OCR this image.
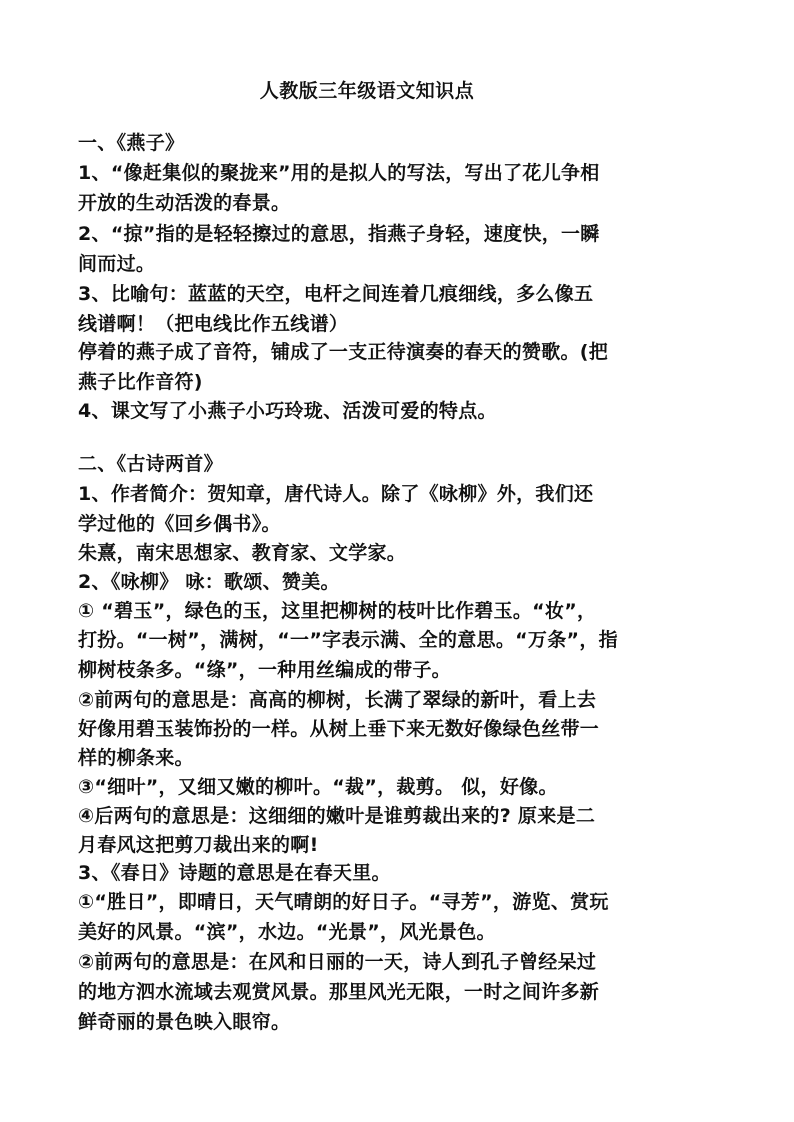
人教版三年级语文知识点
一、《燕子》
1、“像赶集似的聚拢来”用的是拟人的写法，写出了花儿争相
开放的生动活泼的春景。
2、“掠”指的是轻轻擦过的意思，指燕子身轻，速度快，一瞬
间而过。
3、比喻句：蓝蓝的天空，电杆之间连着几痕细线，多么像五
线谱啊！（把电线比作五线谱）
停着的燕子成了音符，铺成了一支正待演奏的春天的赞歌。(把
燕子比作音符)
4、课文写了小燕子小巧玲珑、活泼可爱的特点。
二、《古诗两首》
1、作者简介：贺知章，唐代诗人。除了《咏柳》外，我们还
学过他的《回乡偶书》。
朱熹，南宋思想家、教育家、文学家。
2、《咏柳》 咏：歌颂、赞美。
① “碧玉”，绿色的玉，这里把柳树的枝叶比作碧玉。“妆”，
打扮。“一树”，满树，“一”字表示满、全的意思。“万条”，指
柳树枝条多。“绦”，一种用丝编成的带子。
②前两句的意思是：高高的柳树，长满了翠绿的新叶，看上去
好像用碧玉装饰扮的一样。从树上垂下来无数好像绿色丝带一
样的柳条来。
③“细叶”，又细又嫩的柳叶。“裁”，裁剪。 似，好像。
④后两句的意思是：这细细的嫩叶是谁剪裁出来的? 原来是二
月春风这把剪刀裁出来的啊!
3、《春日》诗题的意思是在春天里。
①“胜日”，即晴日，天气晴朗的好日子。“寻芳”，游览、赏玩
美好的风景。“滨”，水边。“光景”，风光景色。
②前两句的意思是：在风和日丽的一天，诗人到孔子曾经呆过
的地方泗水流域去观赏风景。那里风光无限，一时之间许多新
鲜奇丽的景色映入眼帘。
